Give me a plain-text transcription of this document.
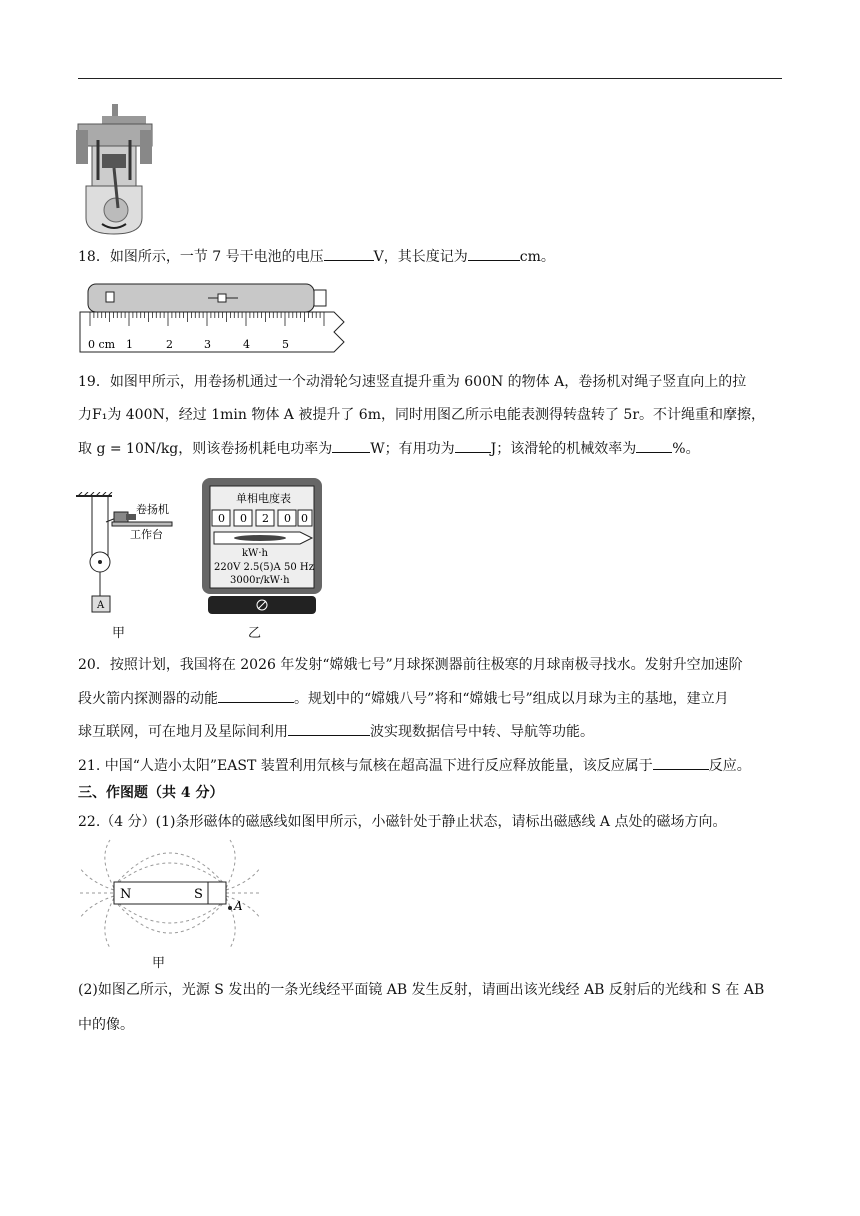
18．如图所示，一节 7 号干电池的电压	V，其长度记为	cm。
0 cm 1	2	3	4	5
19．如图甲所示，用卷扬机通过一个动滑轮匀速竖直提升重为 600N 的物体 A，卷扬机对绳子竖直向上的拉
力F₁为 400N，经过 1min 物体 A 被提升了 6m，同时用图乙所示电能表测得转盘转了 5r。不计绳重和摩擦，
取 g = 10N/kg，则该卷扬机耗电功率为	W；有用功为	J；该滑轮的机械效率为	%。
A
卷扬机
工作台
甲
单相电度表
0 0 2 0 0
kW·h
220V 2.5(5)A 50 Hz
3000r/kW·h
乙
20．按照计划，我国将在 2026 年发射“嫦娥七号”月球探测器前往极寒的月球南极寻找水。发射升空加速阶
段火箭内探测器的动能	。规划中的“嫦娥八号”将和“嫦娥七号”组成以月球为主的基地，建立月
球互联网，可在地月及星际间利用	波实现数据信号中转、导航等功能。
21. 中国“人造小太阳”EAST 装置利用氘核与氚核在超高温下进行反应释放能量，该反应属于	反应。
三、作图题（共 4 分）
22.（4 分）(1)条形磁体的磁感线如图甲所示，小磁针处于静止状态，请标出磁感线 A 点处的磁场方向。
N	S
A
甲
(2)如图乙所示，光源 S 发出的一条光线经平面镜 AB 发生反射，请画出该光线经 AB 反射后的光线和 S 在 AB
中的像。
